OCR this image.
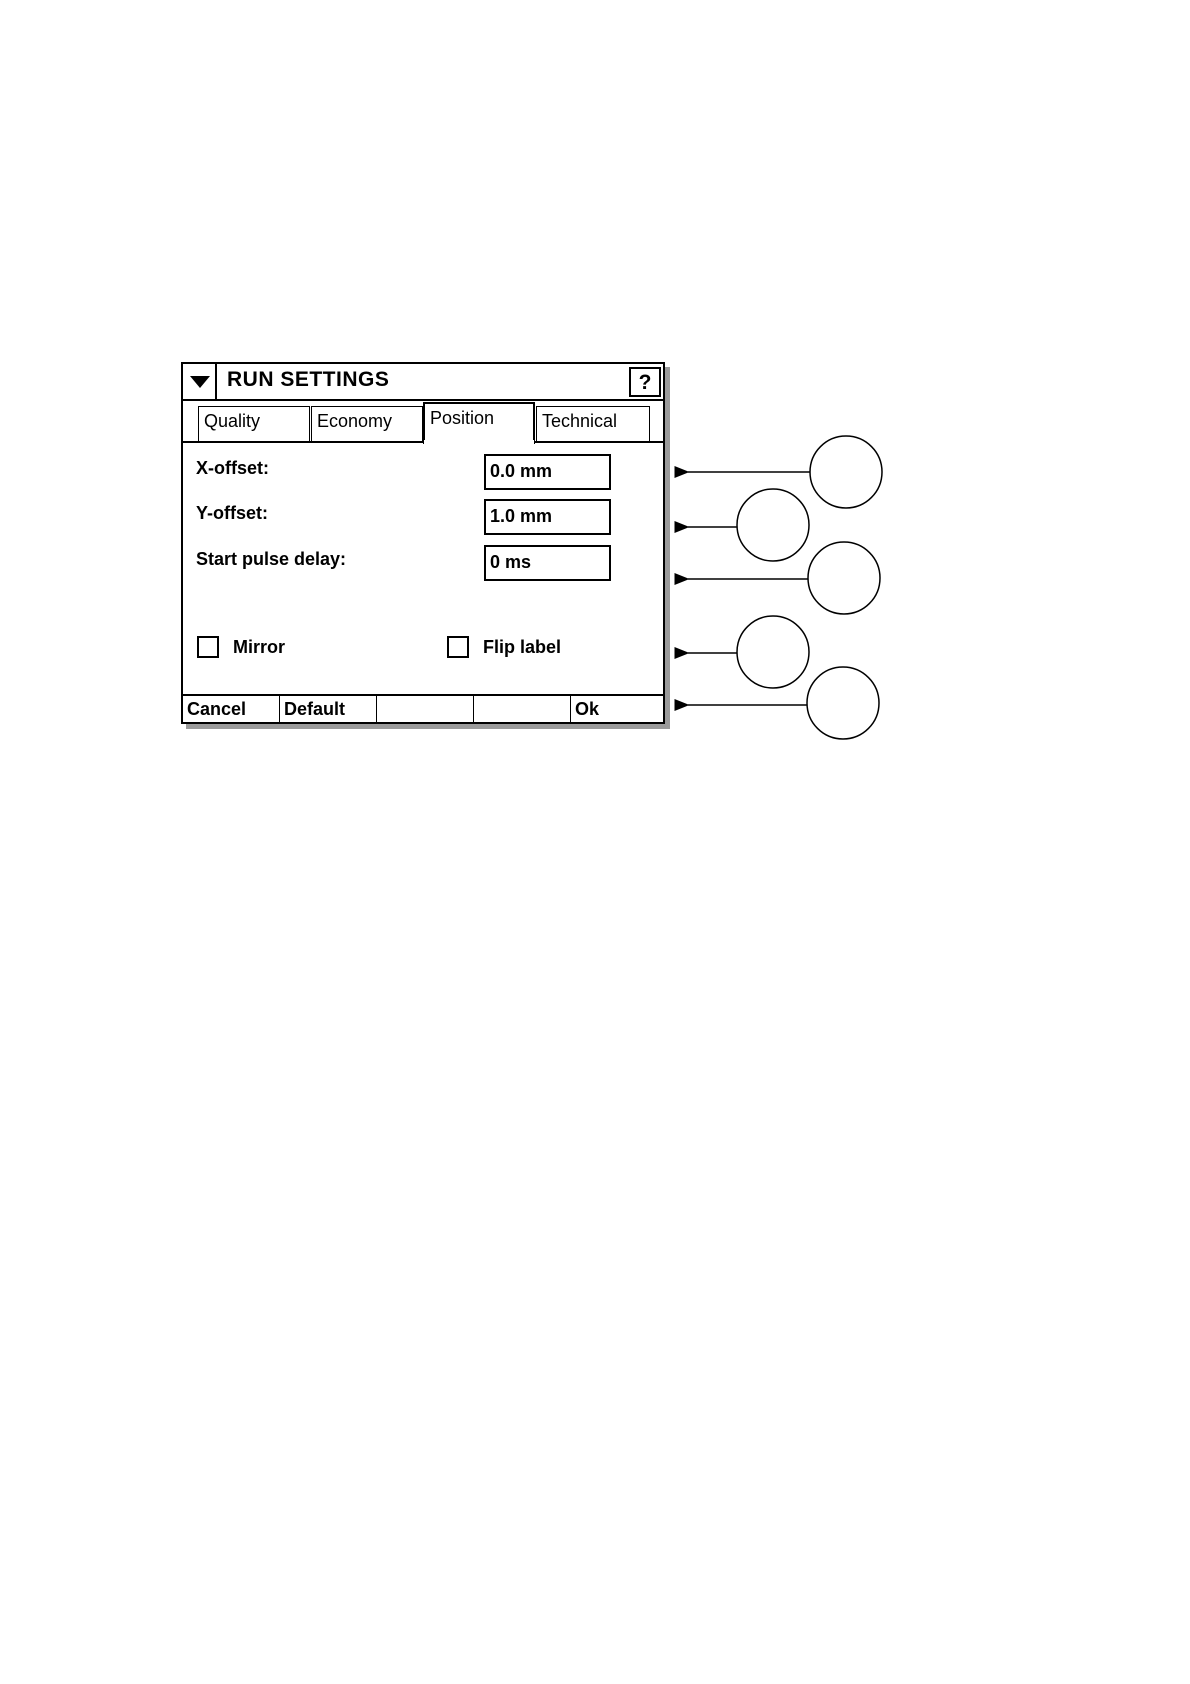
RUN SETTINGS	?
Quality	Economy	Position	Technical
X-offset:	0.0 mm
Y-offset:	1.0 mm
Start pulse delay:	0 ms
Mirror	Flip label
Cancel	Default	Ok
